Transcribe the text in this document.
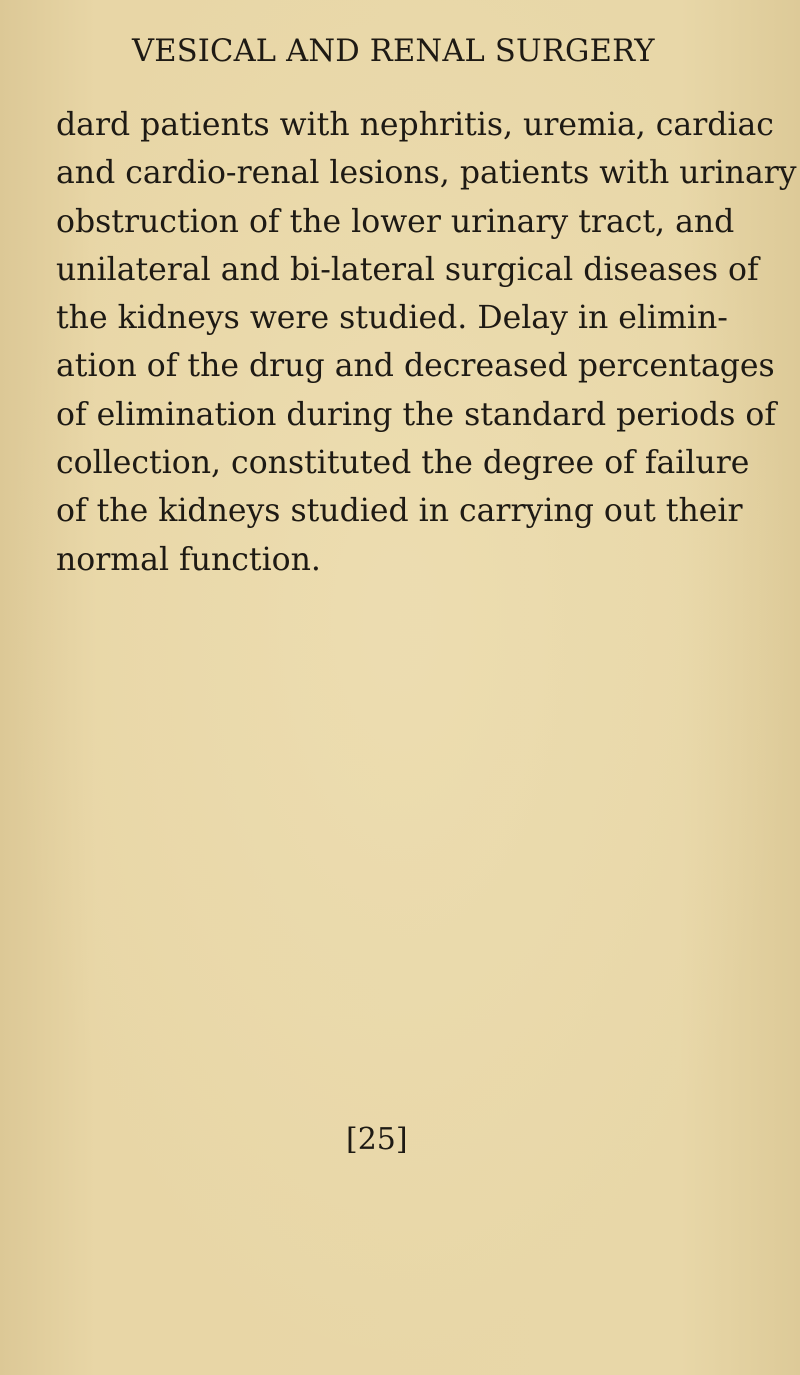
VESICAL AND RENAL SURGERY
dard patients with nephritis, uremia, cardiac
and cardio-renal lesions, patients with urinary
obstruction of the lower urinary tract, and
unilateral and bi-lateral surgical diseases of
the kidneys were studied. Delay in elimin-
ation of the drug and decreased percentages
of elimination during the standard periods of
collection, constituted the degree of failure
of the kidneys studied in carrying out their
normal function.
[25]
